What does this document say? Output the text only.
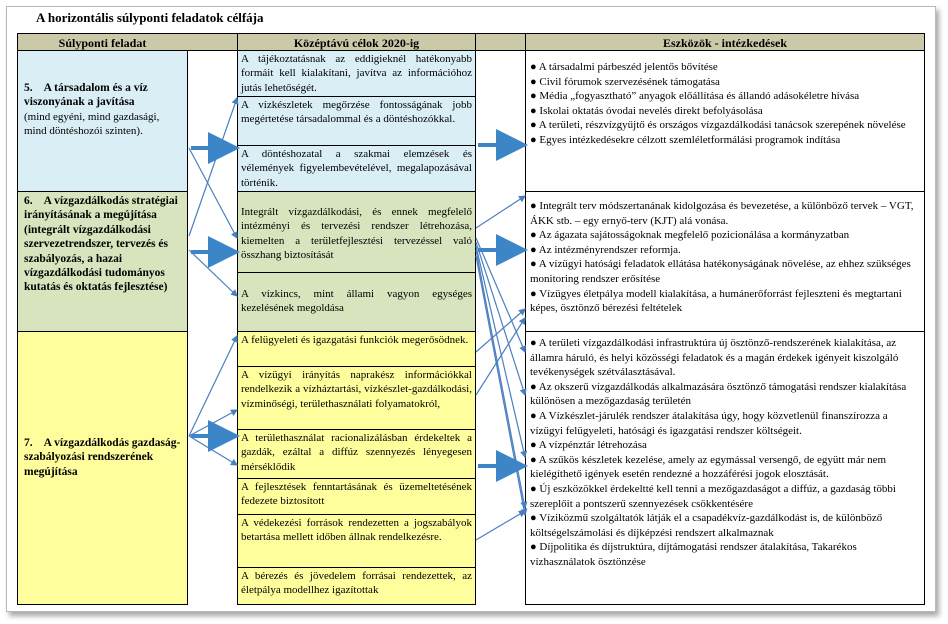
A horizontális súlyponti feladatok célfája
Súlyponti feladat	Középtávú célok 2020-ig	Eszközök - intézkedések
5. A társadalom és a víz viszonyának a javítása
(mind egyéni, mind gazdasági, mind döntéshozói szinten).
A tájékoztatásnak az eddigieknél hatékonyabb formáit kell kialakítani, javítva az információhoz jutás lehetőségét.
A vízkészletek megőrzése fontosságának jobb megértetése társadalommal és a döntéshozókkal.
A döntéshozatal a szakmai elemzések és vélemények figyelembevételével, megalapozásával történik.
● A társadalmi párbeszéd jelentős bővítése
● Civil fórumok szervezésének támogatása
● Média „fogyasztható” anyagok előállítása és állandó adásokéletre hívása
● Iskolai oktatás óvodai nevelés direkt befolyásolása
● A területi, részvízgyűjtő és országos vízgazdálkodási tanácsok szerepének növelése
● Egyes intézkedésekre célzott szemléletformálási programok indítása
6. A vízgazdálkodás stratégiai irányításának a megújítása (integrált vízgazdálkodási szervezetrendszer, tervezés és szabályozás, a hazai vízgazdálkodási tudományos kutatás és oktatás fejlesztése)
Integrált vízgazdálkodási, és ennek megfelelő intézményi és tervezési rendszer létrehozása, kiemelten a területfejlesztési tervezéssel való összhang biztosítását
A vízkincs, mint állami vagyon egységes kezelésének megoldása
● Integrált terv módszertanának kidolgozása és bevezetése, a különböző tervek – VGT, ÁKK stb. – egy ernyő-terv (KJT) alá vonása.
● Az ágazata sajátosságoknak megfelelő pozicionálása a kormányzatban
● Az intézményrendszer reformja.
● A vízügyi hatósági feladatok ellátása hatékonyságának növelése, az ehhez szükséges monitoring rendszer erősítése
● Vízügyes életpálya modell kialakítása, a humánerőforrást fejleszteni és megtartani képes, ösztönző bérezési feltételek
7. A vízgazdálkodás gazdaság-szabályozási rendszerének megújítása
A felügyeleti és igazgatási funkciók megerősödnek.
A vízügyi irányítás naprakész információkkal rendelkezik a vízháztartási, vízkészlet-gazdálkodási, vízminőségi, területhasználati folyamatokról,
A területhasználat racionalizálásban érdekeltek a gazdák, ezáltal a diffúz szennyezés lényegesen mérséklődik
A fejlesztések fenntartásának és üzemeltetésének fedezete biztosított
A védekezési források rendezetten a jogszabályok betartása mellett időben állnak rendelkezésre.
A bérezés és jövedelem forrásai rendezettek, az életpálya modellhez igazítottak
● A területi vízgazdálkodási infrastruktúra új ösztönző-rendszerének kialakítása, az államra háruló, és helyi közösségi feladatok és a magán érdekek igényeit kiszolgáló tevékenységek szétválasztásával.
● Az okszerű vízgazdálkodás alkalmazására ösztönző támogatási rendszer kialakítása különösen a mezőgazdaság területén
● A Vízkészlet-járulék rendszer átalakítása úgy, hogy közvetlenül finanszírozza a vízügyi felügyeleti, hatósági és igazgatási rendszer költségeit.
● A vízpénztár létrehozása
● A szűkös készletek kezelése, amely az egymással versengő, de együtt már nem kielégíthető igények esetén rendezné a hozzáférési jogok elosztását.
● Új eszközökkel érdekeltté kell tenni a mezőgazdaságot a diffúz, a gazdaság többi szereplőit a pontszerű szennyezések csökkentésére
● Víziközmű szolgáltatók látják el a csapadékvíz-gazdálkodást is, de különböző költségelszámolási és díjképzési rendszert alkalmaznak
● Díjpolitika és díjstruktúra, díjtámogatási rendszer átalakítása, Takarékos vízhasználatok ösztönzése
